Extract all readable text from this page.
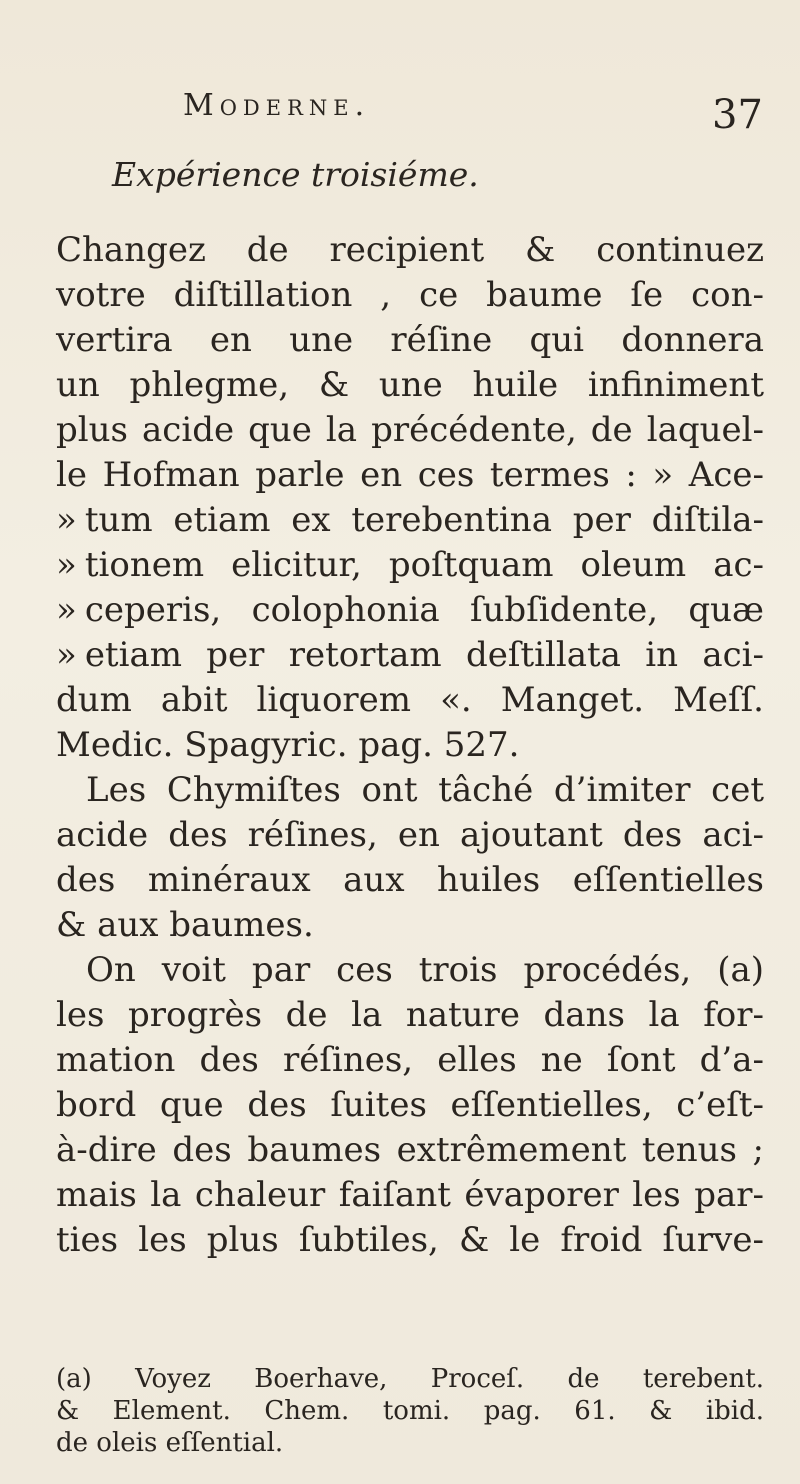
Moderne.	37
Expérience troisiéme.
Changez de recipient & continuez
votre diſtillation , ce baume ſe con-
vertira en une réſine qui donnera
un phlegme, & une huile infiniment
plus acide que la précédente, de laquel-
le Hofman parle en ces termes : » Ace-
» tum etiam ex terebentina per diſtila-
» tionem elicitur, poſtquam oleum ac-
» ceperis, colophonia ſubſidente, quæ
» etiam per retortam deſtillata in aci-
dum abit liquorem «. Manget. Meſſ.
Medic. Spagyric. pag. 527.
Les Chymiſtes ont tâché d’imiter cet
acide des réſines, en ajoutant des aci-
des minéraux aux huiles eſſentielles
& aux baumes.
On voit par ces trois procédés, (a)
les progrès de la nature dans la for-
mation des réſines, elles ne ſont d’a-
bord que des ſuites eſſentielles, c’eſt-
à-dire des baumes extrêmement tenus ;
mais la chaleur faiſant évaporer les par-
ties les plus ſubtiles, & le froid ſurve-
(a) Voyez Boerhave, Proceſ. de terebent.
& Element. Chem. tomi. pag. 61. & ibid.
de oleis eſſential.
